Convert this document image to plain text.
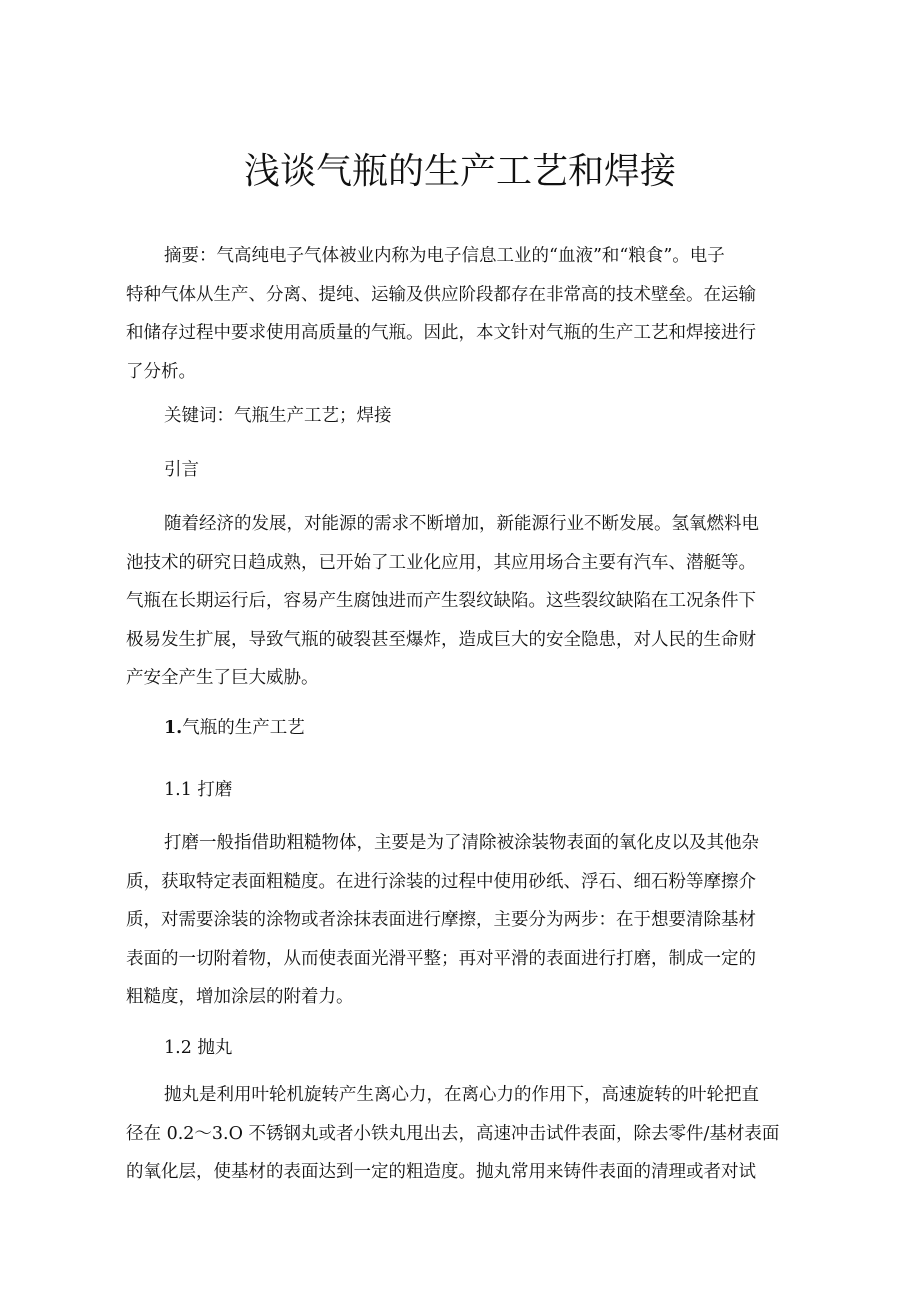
浅谈气瓶的生产工艺和焊接
摘要：气高纯电子气体被业内称为电子信息工业的“血液”和“粮食”。电子
特种气体从生产、分离、提纯、运输及供应阶段都存在非常高的技术壁垒。在运输
和储存过程中要求使用高质量的气瓶。因此，本文针对气瓶的生产工艺和焊接进行
了分析。
关键词：气瓶生产工艺；焊接
引言
随着经济的发展，对能源的需求不断增加，新能源行业不断发展。氢氧燃料电
池技术的研究日趋成熟，已开始了工业化应用，其应用场合主要有汽车、潜艇等。
气瓶在长期运行后，容易产生腐蚀进而产生裂纹缺陷。这些裂纹缺陷在工况条件下
极易发生扩展，导致气瓶的破裂甚至爆炸，造成巨大的安全隐患，对人民的生命财
产安全产生了巨大威胁。
1.气瓶的生产工艺
1.1 打磨
打磨一般指借助粗糙物体，主要是为了清除被涂装物表面的氧化皮以及其他杂
质，获取特定表面粗糙度。在进行涂装的过程中使用砂纸、浮石、细石粉等摩擦介
质，对需要涂装的涂物或者涂抹表面进行摩擦，主要分为两步：在于想要清除基材
表面的一切附着物，从而使表面光滑平整；再对平滑的表面进行打磨，制成一定的
粗糙度，增加涂层的附着力。
1.2 抛丸
抛丸是利用叶轮机旋转产生离心力，在离心力的作用下，高速旋转的叶轮把直
径在 0.2～3.O 不锈钢丸或者小铁丸甩出去，高速冲击试件表面，除去零件/基材表面
的氧化层，使基材的表面达到一定的粗造度。抛丸常用来铸件表面的清理或者对试
